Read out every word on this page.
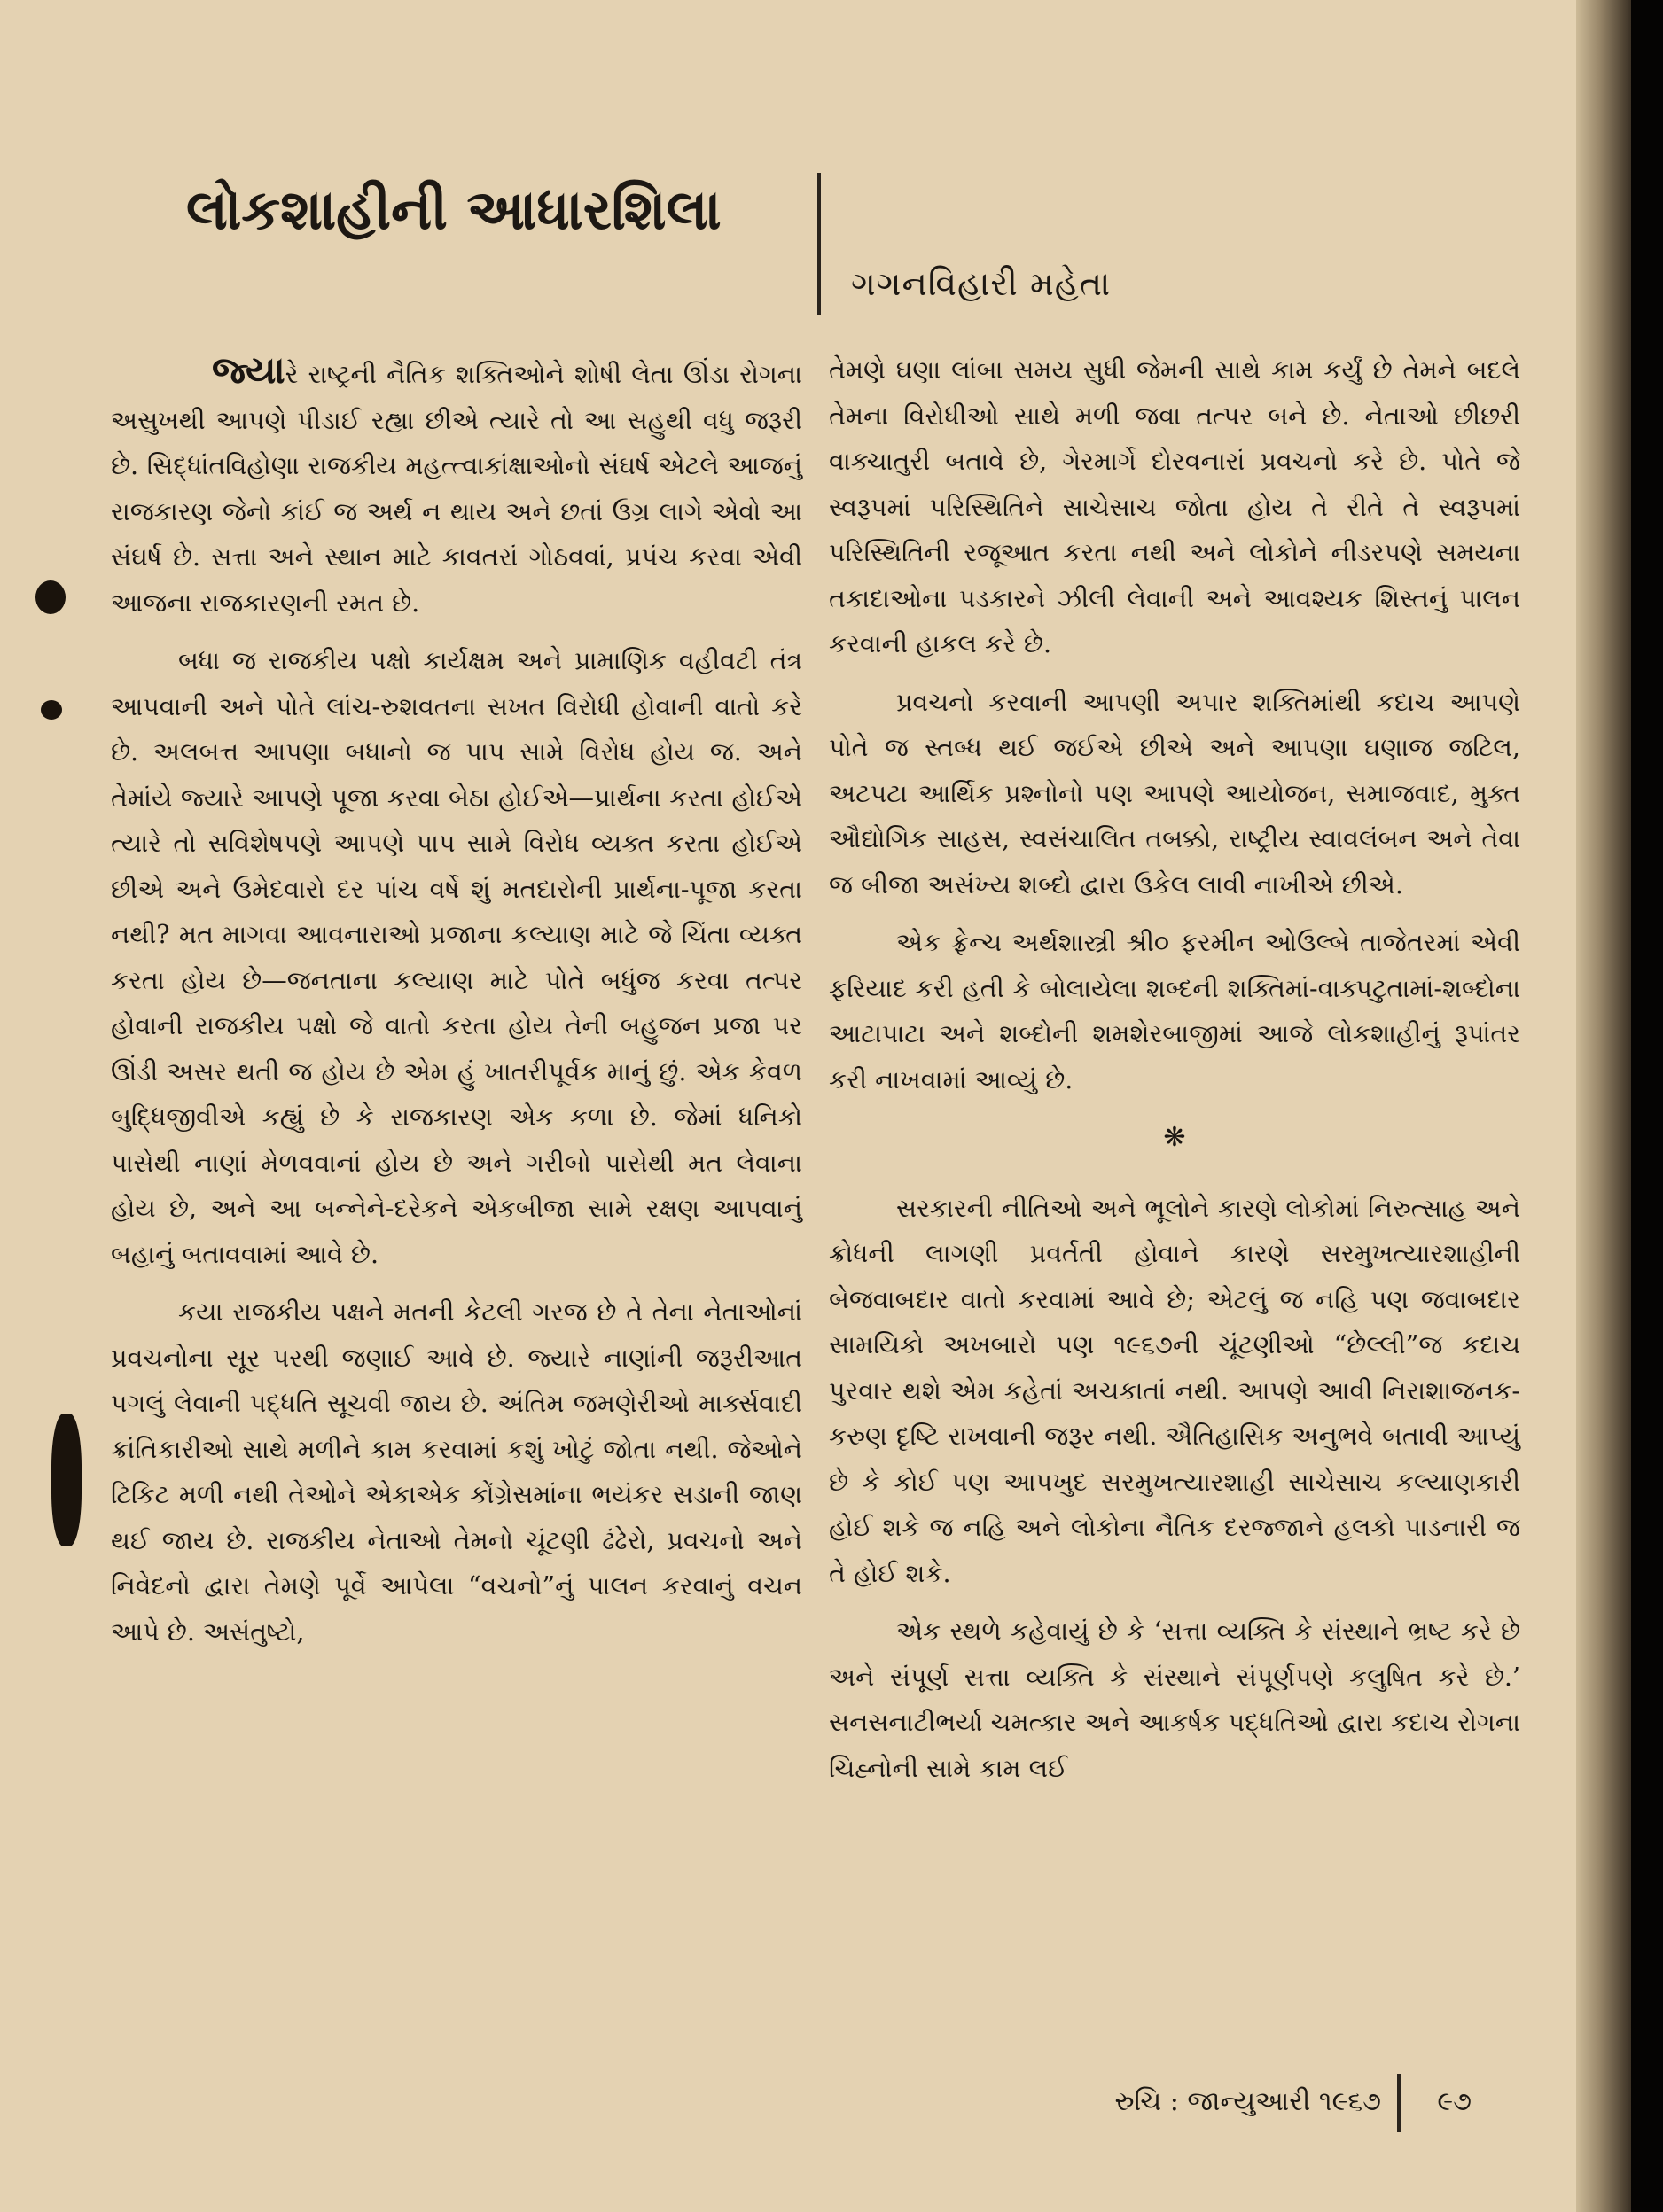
લોકશાહીની આધારશિલા
ગગનવિહારી મહેતા

જ્યારે રાષ્ટ્રની નૈતિક શક્તિઓને શોષી લેતા ઊંડા રોગના અસુખથી આપણે પીડાઈ રહ્યા છીએ ત્યારે તો આ સહુથી વધુ જરૂરી છે. સિદ્ધાંતવિહોણા રાજકીય મહત્ત્વાકાંક્ષાઓનો સંઘર્ષ એટલે આજનું રાજકારણ જેનો કાંઈ જ અર્થ ન થાય અને છતાં ઉગ્ર લાગે એવો આ સંઘર્ષ છે. સત્તા અને સ્થાન માટે કાવતરાં ગોઠવવાં, પ્રપંચ કરવા એવી આજના રાજકારણની રમત છે.

બધા જ રાજકીય પક્ષો કાર્યક્ષમ અને પ્રામાણિક વહીવટી તંત્ર આપવાની અને પોતે લાંચ-રુશવતના સખત વિરોધી હોવાની વાતો કરે છે. અલબત્ત આપણા બધાનો જ પાપ સામે વિરોધ હોય જ. અને તેમાંયે જ્યારે આપણે પૂજા કરવા બેઠા હોઈએ—પ્રાર્થના કરતા હોઈએ ત્યારે તો સવિશેષપણે આપણે પાપ સામે વિરોધ વ્યક્ત કરતા હોઈએ છીએ અને ઉમેદવારો દર પાંચ વર્ષે શું મતદારોની પ્રાર્થના-પૂજા કરતા નથી? મત માગવા આવનારાઓ પ્રજાના કલ્યાણ માટે જે ચિંતા વ્યક્ત કરતા હોય છે—જનતાના કલ્યાણ માટે પોતે બધુંજ કરવા તત્પર હોવાની રાજકીય પક્ષો જે વાતો કરતા હોય તેની બહુજન પ્રજા પર ઊંડી અસર થતી જ હોય છે એમ હું ખાતરીપૂર્વક માનું છું. એક કેવળ બુદ્ધિજીવીએ કહ્યું છે કે રાજકારણ એક કળા છે. જેમાં ધનિકો પાસેથી નાણાં મેળવવાનાં હોય છે અને ગરીબો પાસેથી મત લેવાના હોય છે, અને આ બન્નેને-દરેકને એકબીજા સામે રક્ષણ આપવાનું બહાનું બતાવવામાં આવે છે.

કયા રાજકીય પક્ષને મતની કેટલી ગરજ છે તે તેના નેતાઓનાં પ્રવચનોના સૂર પરથી જણાઈ આવે છે. જ્યારે નાણાંની જરૂરીઆત પગલું લેવાની પદ્ધતિ સૂચવી જાય છે. અંતિમ જમણેરીઓ માર્ક્સવાદી ક્રાંતિકારીઓ સાથે મળીને કામ કરવામાં કશું ખોટું જોતા નથી. જેઓને ટિકિટ મળી નથી તેઓને એકાએક કોંગ્રેસમાંના ભયંકર સડાની જાણ થઈ જાય છે. રાજકીય નેતાઓ તેમનો ચૂંટણી ઢંઢેરો, પ્રવચનો અને નિવેદનો દ્વારા તેમણે પૂર્વે આપેલા “વચનો”નું પાલન કરવાનું વચન આપે છે. અસંતુષ્ટો,

તેમણે ઘણા લાંબા સમય સુધી જેમની સાથે કામ કર્યું છે તેમને બદલે તેમના વિરોધીઓ સાથે મળી જવા તત્પર બને છે. નેતાઓ છીછરી વાક્ચાતુરી બતાવે છે, ગેરમાર્ગે દોરવનારાં પ્રવચનો કરે છે. પોતે જે સ્વરૂપમાં પરિસ્થિતિને સાચેસાચ જોતા હોય તે રીતે તે સ્વરૂપમાં પરિસ્થિતિની રજૂઆત કરતા નથી અને લોકોને નીડરપણે સમયના તકાદાઓના પડકારને ઝીલી લેવાની અને આવશ્યક શિસ્તનું પાલન કરવાની હાકલ કરે છે.

પ્રવચનો કરવાની આપણી અપાર શક્તિમાંથી કદાચ આપણે પોતે જ સ્તબ્ધ થઈ જઈએ છીએ અને આપણા ઘણાજ જટિલ, અટપટા આર્થિક પ્રશ્નોનો પણ આપણે આયોજન, સમાજવાદ, મુક્ત ઔદ્યોગિક સાહસ, સ્વસંચાલિત તબક્કો, રાષ્ટ્રીય સ્વાવલંબન અને તેવા જ બીજા અસંખ્ય શબ્દો દ્વારા ઉકેલ લાવી નાખીએ છીએ.

એક ફ્રેન્ચ અર્થશાસ્ત્રી શ્રી૦ ફરમીન ઓઉલ્બે તાજેતરમાં એવી ફરિયાદ કરી હતી કે બોલાયેલા શબ્દની શક્તિમાં-વાક્પટુતામાં-શબ્દોના આટાપાટા અને શબ્દોની શમશેરબાજીમાં આજે લોકશાહીનું રૂપાંતર કરી નાખવામાં આવ્યું છે.

❋

સરકારની નીતિઓ અને ભૂલોને કારણે લોકોમાં નિરુત્સાહ અને ક્રોધની લાગણી પ્રવર્તતી હોવાને કારણે સરમુખત્યારશાહીની બેજવાબદાર વાતો કરવામાં આવે છે; એટલું જ નહિ પણ જવાબદાર સામયિકો અખબારો પણ ૧૯૬૭ની ચૂંટણીઓ “છેલ્લી”જ કદાચ પુરવાર થશે એમ કહેતાં અચકાતાં નથી. આપણે આવી નિરાશાજનક-કરુણ દૃષ્ટિ રાખવાની જરૂર નથી. ઐતિહાસિક અનુભવે બતાવી આપ્યું છે કે કોઈ પણ આપખુદ સરમુખત્યારશાહી સાચેસાચ કલ્યાણકારી હોઈ શકે જ નહિ અને લોકોના નૈતિક દરજ્જાને હલકો પાડનારી જ તે હોઈ શકે.

એક સ્થળે કહેવાયું છે કે ‘સત્તા વ્યક્તિ કે સંસ્થાને ભ્રષ્ટ કરે છે અને સંપૂર્ણ સત્તા વ્યક્તિ કે સંસ્થાને સંપૂર્ણપણે કલુષિત કરે છે.’ સનસનાટીભર્યા ચમત્કાર અને આકર્ષક પદ્ધતિઓ દ્વારા કદાચ રોગના ચિહ્નોની સામે કામ લઈ

રુચિ : જાન્યુઆરી ૧૯૬૭ ૯૭
